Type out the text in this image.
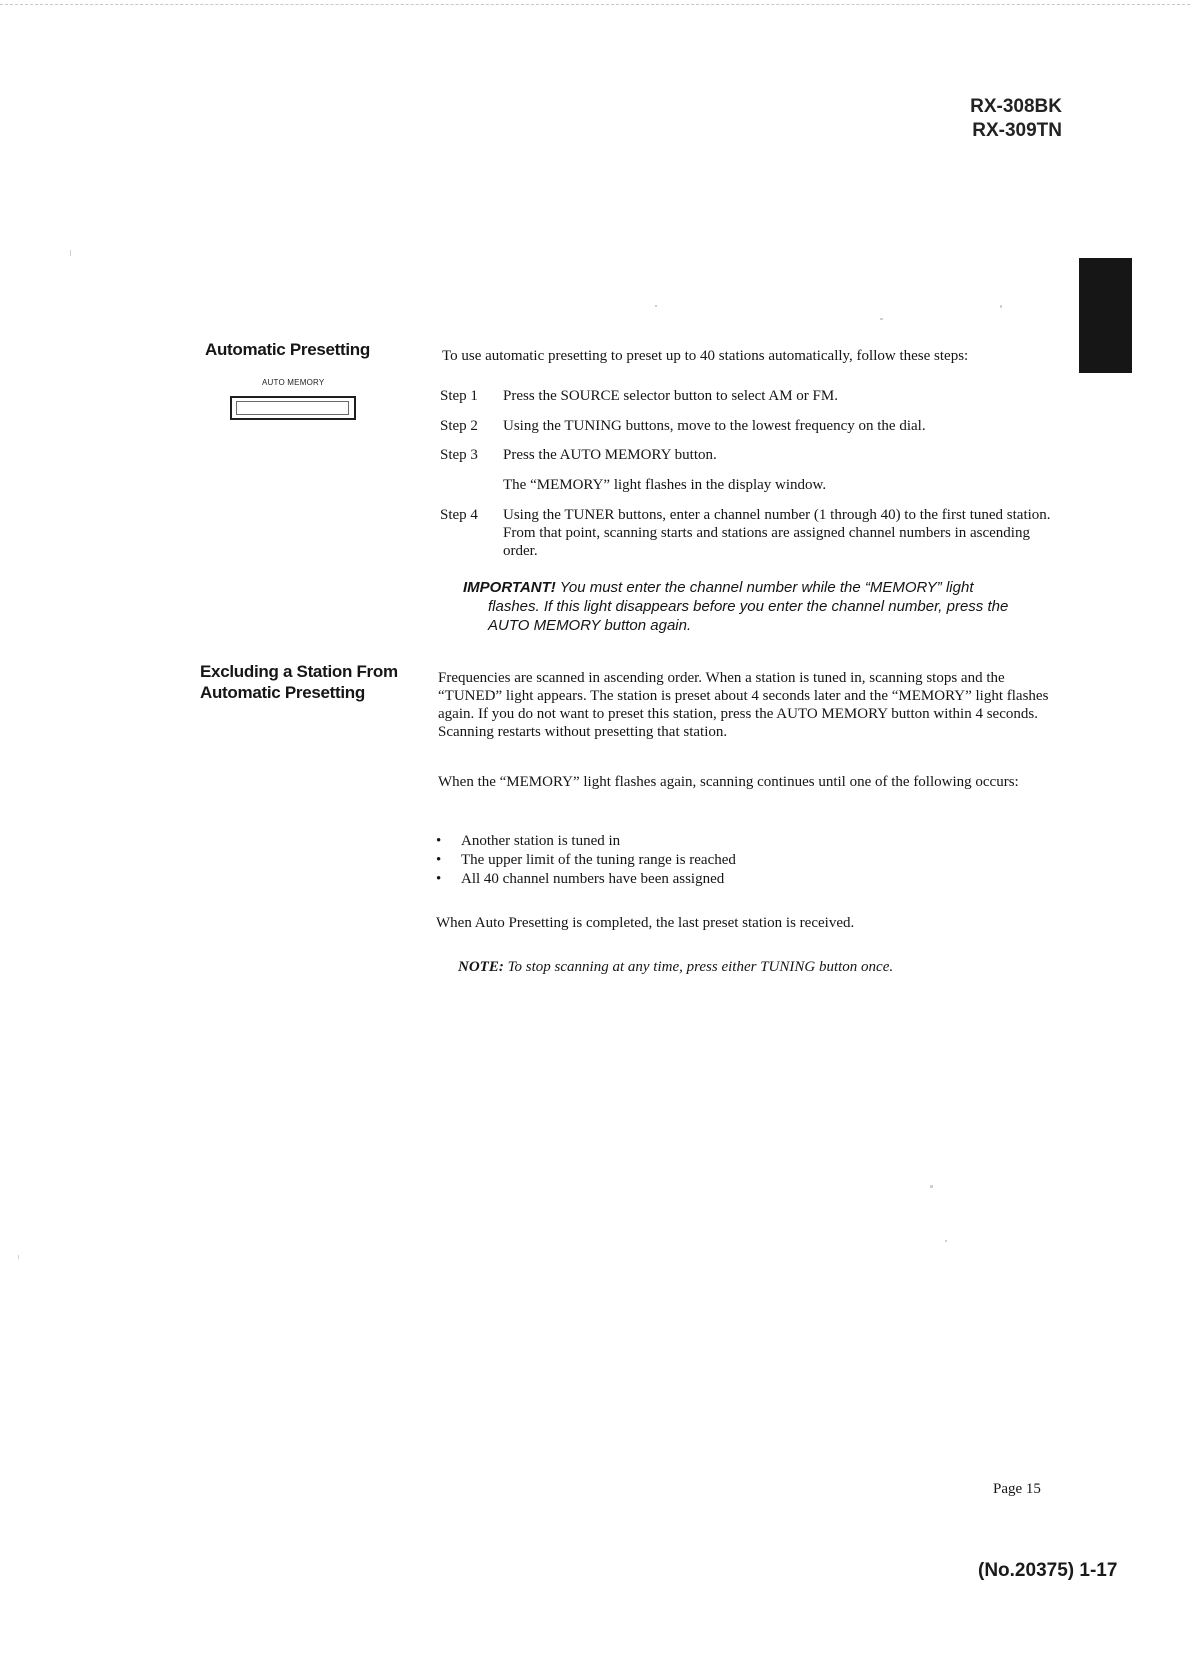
RX-308BK
RX-309TN
Automatic Presetting
AUTO MEMORY
To use automatic presetting to preset up to 40 stations automatically, follow these steps:
Step 1 Press the SOURCE selector button to select AM or FM.
Step 2 Using the TUNING buttons, move to the lowest frequency on the dial.
Step 3 Press the AUTO MEMORY button.
The “MEMORY” light flashes in the display window.
Step 4 Using the TUNER buttons, enter a channel number (1 through 40) to the first tuned station. From that point, scanning starts and stations are assigned channel numbers in ascending order.
IMPORTANT! You must enter the channel number while the “MEMORY” light
flashes. If this light disappears before you enter the channel number, press the
AUTO MEMORY button again.
Excluding a Station From
Automatic Presetting
Frequencies are scanned in ascending order. When a station is tuned in, scanning stops and the “TUNED” light appears. The station is preset about 4 seconds later and the “MEMORY” light flashes again. If you do not want to preset this station, press the AUTO MEMORY button within 4 seconds. Scanning restarts without presetting that station.
When the “MEMORY” light flashes again, scanning continues until one of the following occurs:
• Another station is tuned in
• The upper limit of the tuning range is reached
• All 40 channel numbers have been assigned
When Auto Presetting is completed, the last preset station is received.
NOTE: To stop scanning at any time, press either TUNING button once.
Page 15
(No.20375) 1-17
